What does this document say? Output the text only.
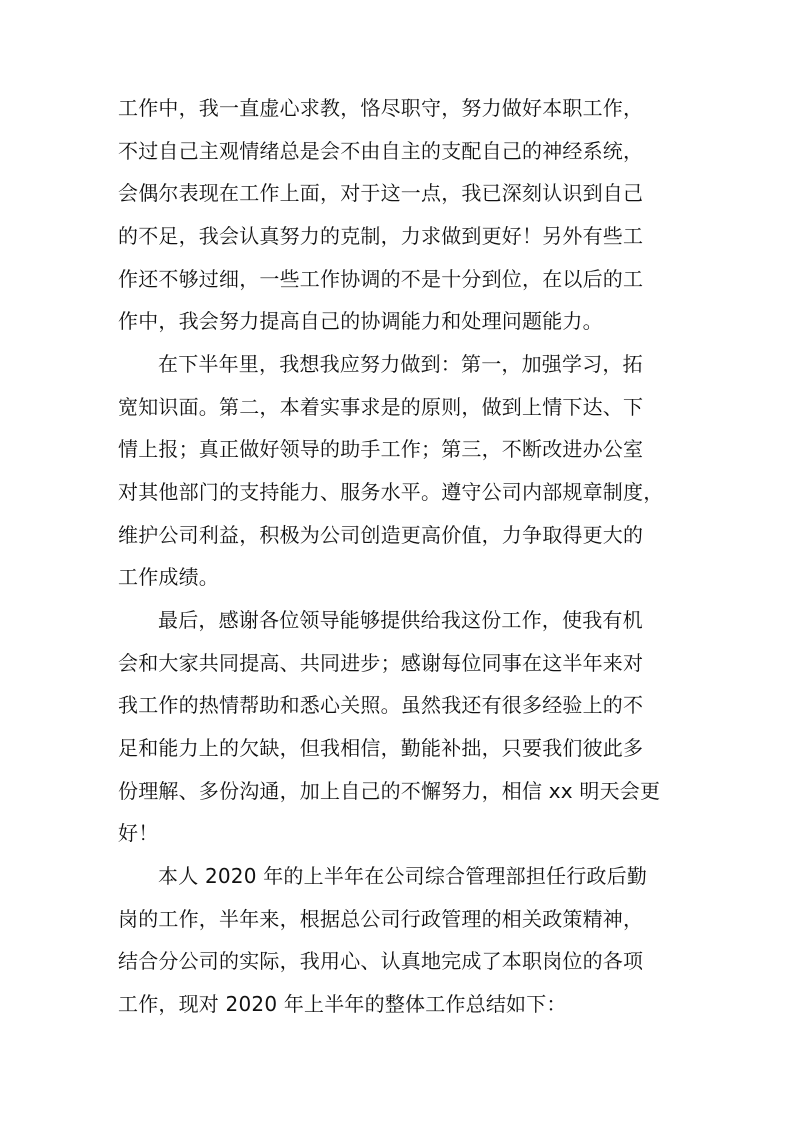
工作中，我一直虚心求教，恪尽职守，努力做好本职工作，
不过自己主观情绪总是会不由自主的支配自己的神经系统，
会偶尔表现在工作上面，对于这一点，我已深刻认识到自己
的不足，我会认真努力的克制，力求做到更好！另外有些工
作还不够过细，一些工作协调的不是十分到位，在以后的工
作中，我会努力提高自己的协调能力和处理问题能力。
在下半年里，我想我应努力做到：第一，加强学习，拓
宽知识面。第二，本着实事求是的原则，做到上情下达、下
情上报；真正做好领导的助手工作；第三，不断改进办公室
对其他部门的支持能力、服务水平。遵守公司内部规章制度，
维护公司利益，积极为公司创造更高价值，力争取得更大的
工作成绩。
最后，感谢各位领导能够提供给我这份工作，使我有机
会和大家共同提高、共同进步；感谢每位同事在这半年来对
我工作的热情帮助和悉心关照。虽然我还有很多经验上的不
足和能力上的欠缺，但我相信，勤能补拙，只要我们彼此多
份理解、多份沟通，加上自己的不懈努力，相信 xx 明天会更
好！
本人 2020 年的上半年在公司综合管理部担任行政后勤
岗的工作，半年来，根据总公司行政管理的相关政策精神，
结合分公司的实际，我用心、认真地完成了本职岗位的各项
工作，现对 2020 年上半年的整体工作总结如下：
